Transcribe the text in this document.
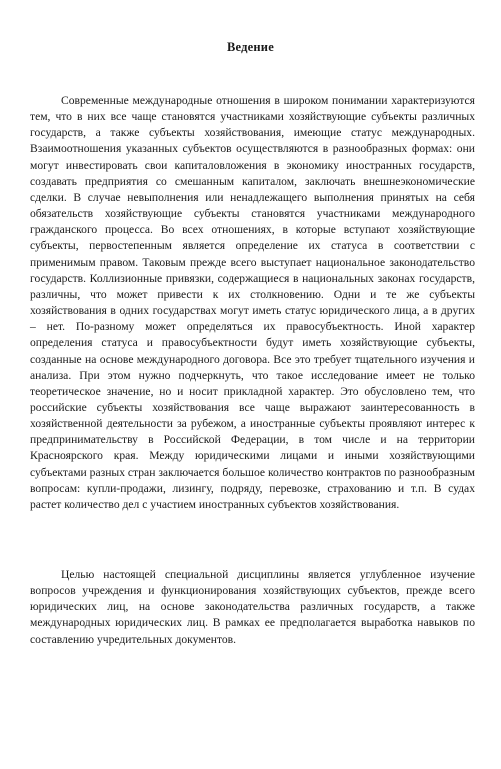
Ведение

Современные международные отношения в широком понимании характеризуются тем, что в них все чаще становятся участниками хозяйствующие субъекты различных государств, а также субъекты хозяйствования, имеющие статус международных. Взаимоотношения указанных субъектов осуществляются в разнообразных формах: они могут инвестировать свои капиталовложения в экономику иностранных государств, создавать предприятия со смешанным капиталом, заключать внешнеэкономические сделки. В случае невыполнения или ненадлежащего выполнения принятых на себя обязательств хозяйствующие субъекты становятся участниками международного гражданского процесса. Во всех отношениях, в которые вступают хозяйствующие субъекты, первостепенным является определение их статуса в соответствии с применимым правом. Таковым прежде всего выступает национальное законодательство государств. Коллизионные привязки, содержащиеся в национальных законах государств, различны, что может привести к их столкновению. Одни и те же субъекты хозяйствования в одних государствах могут иметь статус юридического лица, а в других – нет. По-разному может определяться их правосубъектность. Иной характер определения статуса и правосубъектности будут иметь хозяйствующие субъекты, созданные на основе международного договора. Все это требует тщательного изучения и анализа. При этом нужно подчеркнуть, что такое исследование имеет не только теоретическое значение, но и носит прикладной характер. Это обусловлено тем, что российские субъекты хозяйствования все чаще выражают заинтересованность в хозяйственной деятельности за рубежом, а иностранные субъекты проявляют интерес к предпринимательству в Российской Федерации, в том числе и на территории Красноярского края. Между юридическими лицами и иными хозяйствующими субъектами разных стран заключается большое количество контрактов по разнообразным вопросам: купли-продажи, лизингу, подряду, перевозке, страхованию и т.п. В судах растет количество дел с участием иностранных субъектов хозяйствования.

Целью настоящей специальной дисциплины является углубленное изучение вопросов учреждения и функционирования хозяйствующих субъектов, прежде всего юридических лиц, на основе законодательства различных государств, а также международных юридических лиц. В рамках ее предполагается выработка навыков по составлению учредительных документов.
